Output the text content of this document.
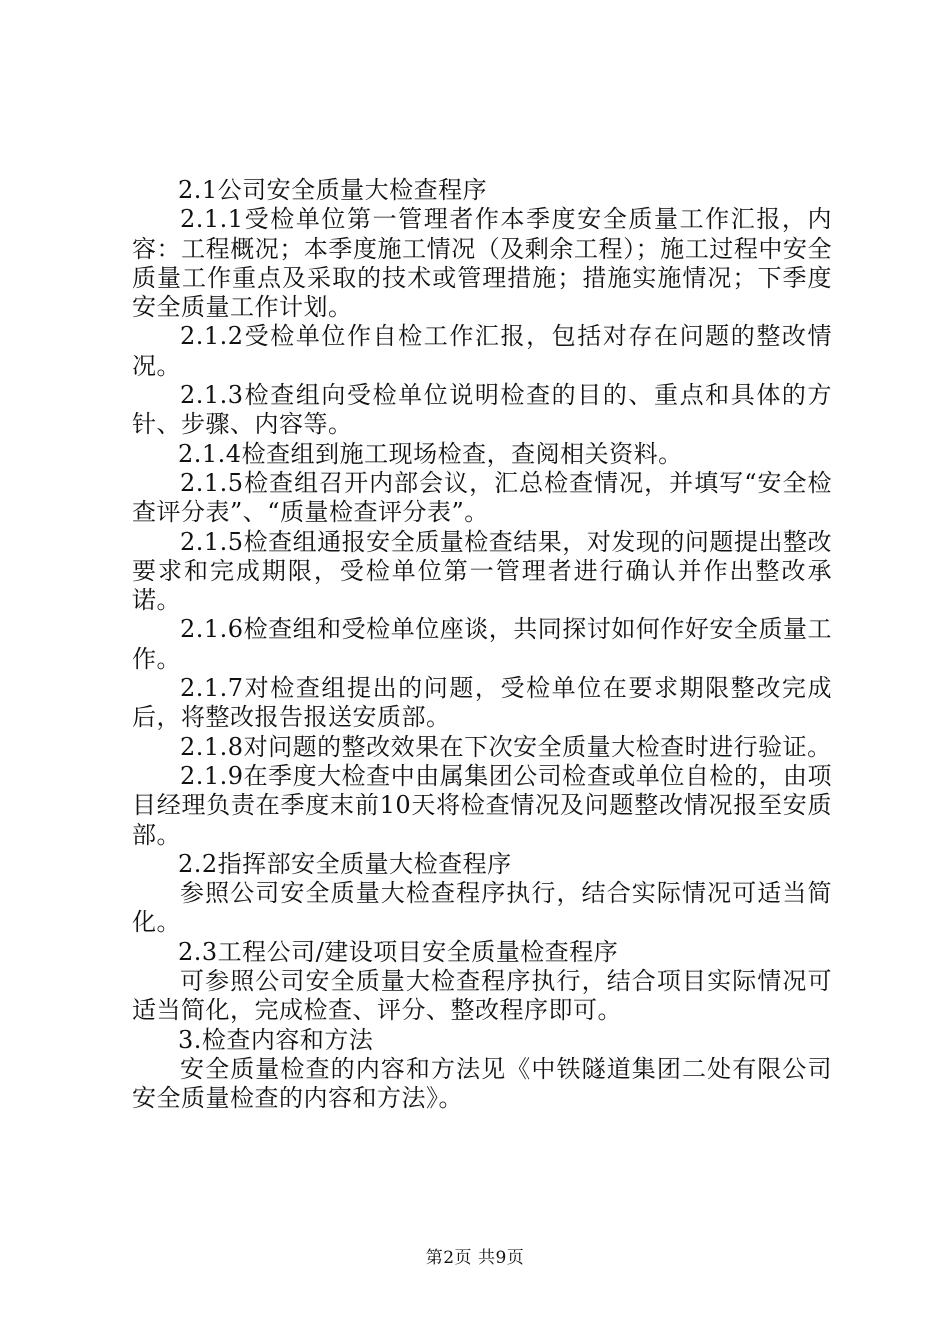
2.1公司安全质量大检查程序

2.1.1受检单位第一管理者作本季度安全质量工作汇报，内容：工程概况；本季度施工情况（及剩余工程）；施工过程中安全质量工作重点及采取的技术或管理措施；措施实施情况；下季度安全质量工作计划。

2.1.2受检单位作自检工作汇报，包括对存在问题的整改情况。

2.1.3检查组向受检单位说明检查的目的、重点和具体的方针、步骤、内容等。

2.1.4检查组到施工现场检查，查阅相关资料。

2.1.5检查组召开内部会议，汇总检查情况，并填写“安全检查评分表”、“质量检查评分表”。

2.1.5检查组通报安全质量检查结果，对发现的问题提出整改要求和完成期限，受检单位第一管理者进行确认并作出整改承诺。

2.1.6检查组和受检单位座谈，共同探讨如何作好安全质量工作。

2.1.7对检查组提出的问题，受检单位在要求期限整改完成后，将整改报告报送安质部。

2.1.8对问题的整改效果在下次安全质量大检查时进行验证。

2.1.9在季度大检查中由属集团公司检查或单位自检的，由项目经理负责在季度末前10天将检查情况及问题整改情况报至安质部。

2.2指挥部安全质量大检查程序

参照公司安全质量大检查程序执行，结合实际情况可适当简化。

2.3工程公司/建设项目安全质量检查程序

可参照公司安全质量大检查程序执行，结合项目实际情况可适当简化，完成检查、评分、整改程序即可。

3.检查内容和方法

安全质量检查的内容和方法见《中铁隧道集团二处有限公司安全质量检查的内容和方法》。

第2页 共9页
